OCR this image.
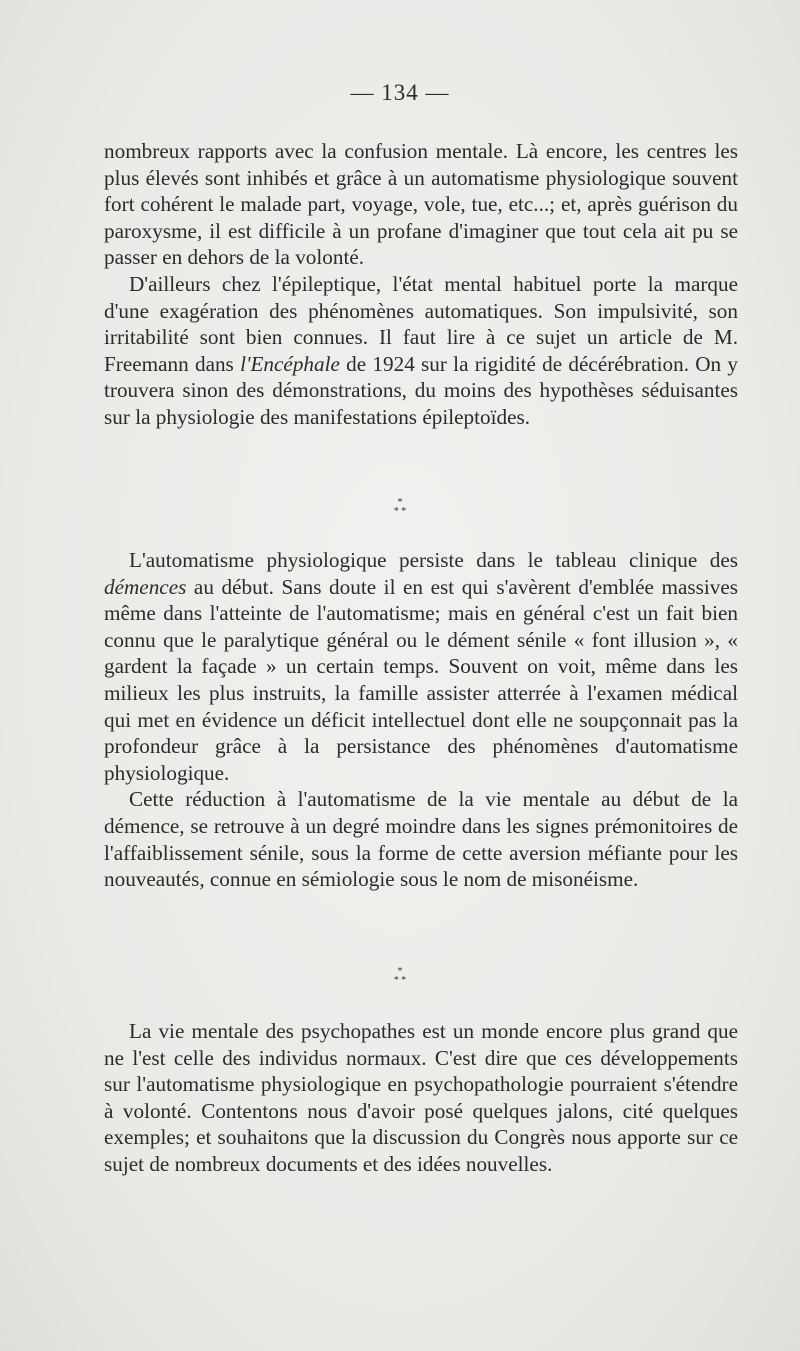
— 134 —

nombreux rapports avec la confusion mentale. Là encore, les centres les plus élevés sont inhibés et grâce à un automatisme physiologique souvent fort cohérent le malade part, voyage, vole, tue, etc...; et, après guérison du paroxysme, il est difficile à un profane d'imaginer que tout cela ait pu se passer en dehors de la volonté.

D'ailleurs chez l'épileptique, l'état mental habituel porte la marque d'une exagération des phénomènes automatiques. Son impulsivité, son irritabilité sont bien connues. Il faut lire à ce sujet un article de M. Freemann dans l'Encéphale de 1924 sur la rigidité de décérébration. On y trouvera sinon des démonstrations, du moins des hypothèses séduisantes sur la physiologie des manifestations épileptoïdes.

*
* *

L'automatisme physiologique persiste dans le tableau clinique des démences au début. Sans doute il en est qui s'avèrent d'emblée massives même dans l'atteinte de l'automatisme; mais en général c'est un fait bien connu que le paralytique général ou le dément sénile « font illusion », « gardent la façade » un certain temps. Souvent on voit, même dans les milieux les plus instruits, la famille assister atterrée à l'examen médical qui met en évidence un déficit intellectuel dont elle ne soupçonnait pas la profondeur grâce à la persistance des phénomènes d'automatisme physiologique.

Cette réduction à l'automatisme de la vie mentale au début de la démence, se retrouve à un degré moindre dans les signes prémonitoires de l'affaiblissement sénile, sous la forme de cette aversion méfiante pour les nouveautés, connue en sémiologie sous le nom de misonéisme.

*
* *

La vie mentale des psychopathes est un monde encore plus grand que ne l'est celle des individus normaux. C'est dire que ces développements sur l'automatisme physiologique en psychopathologie pourraient s'étendre à volonté. Contentons nous d'avoir posé quelques jalons, cité quelques exemples; et souhaitons que la discussion du Congrès nous apporte sur ce sujet de nombreux documents et des idées nouvelles.
